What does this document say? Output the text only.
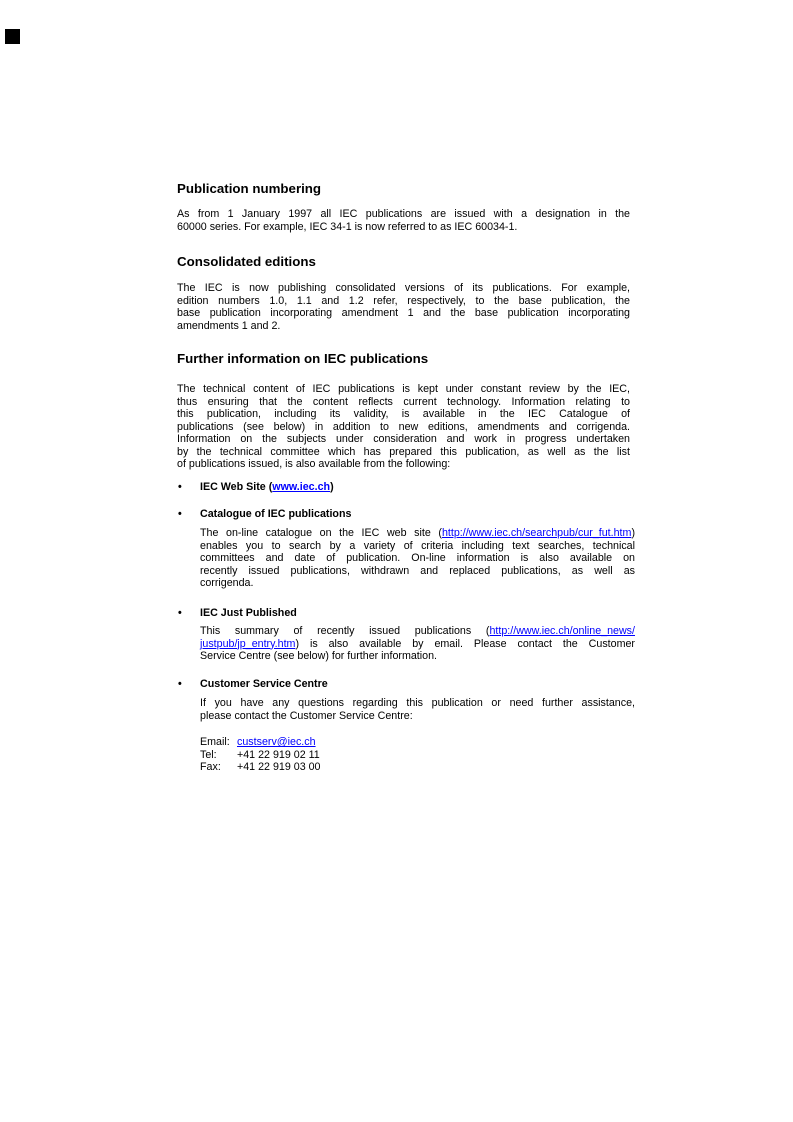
Publication numbering
As from 1 January 1997 all IEC publications are issued with a designation in the
60000 series. For example, IEC 34-1 is now referred to as IEC 60034-1.
Consolidated editions
The IEC is now publishing consolidated versions of its publications. For example,
edition numbers 1.0, 1.1 and 1.2 refer, respectively, to the base publication, the
base publication incorporating amendment 1 and the base publication incorporating
amendments 1 and 2.
Further information on IEC publications
The technical content of IEC publications is kept under constant review by the IEC,
thus ensuring that the content reflects current technology. Information relating to
this publication, including its validity, is available in the IEC Catalogue of
publications (see below) in addition to new editions, amendments and corrigenda.
Information on the subjects under consideration and work in progress undertaken
by the technical committee which has prepared this publication, as well as the list
of publications issued, is also available from the following:
• IEC Web Site (www.iec.ch)
• Catalogue of IEC publications
The on-line catalogue on the IEC web site (http://www.iec.ch/searchpub/cur_fut.htm)
enables you to search by a variety of criteria including text searches, technical
committees and date of publication. On-line information is also available on
recently issued publications, withdrawn and replaced publications, as well as
corrigenda.
• IEC Just Published
This summary of recently issued publications (http://www.iec.ch/online_news/
justpub/jp_entry.htm) is also available by email. Please contact the Customer
Service Centre (see below) for further information.
• Customer Service Centre
If you have any questions regarding this publication or need further assistance,
please contact the Customer Service Centre:
Email: custserv@iec.ch
Tel: +41 22 919 02 11
Fax: +41 22 919 03 00
